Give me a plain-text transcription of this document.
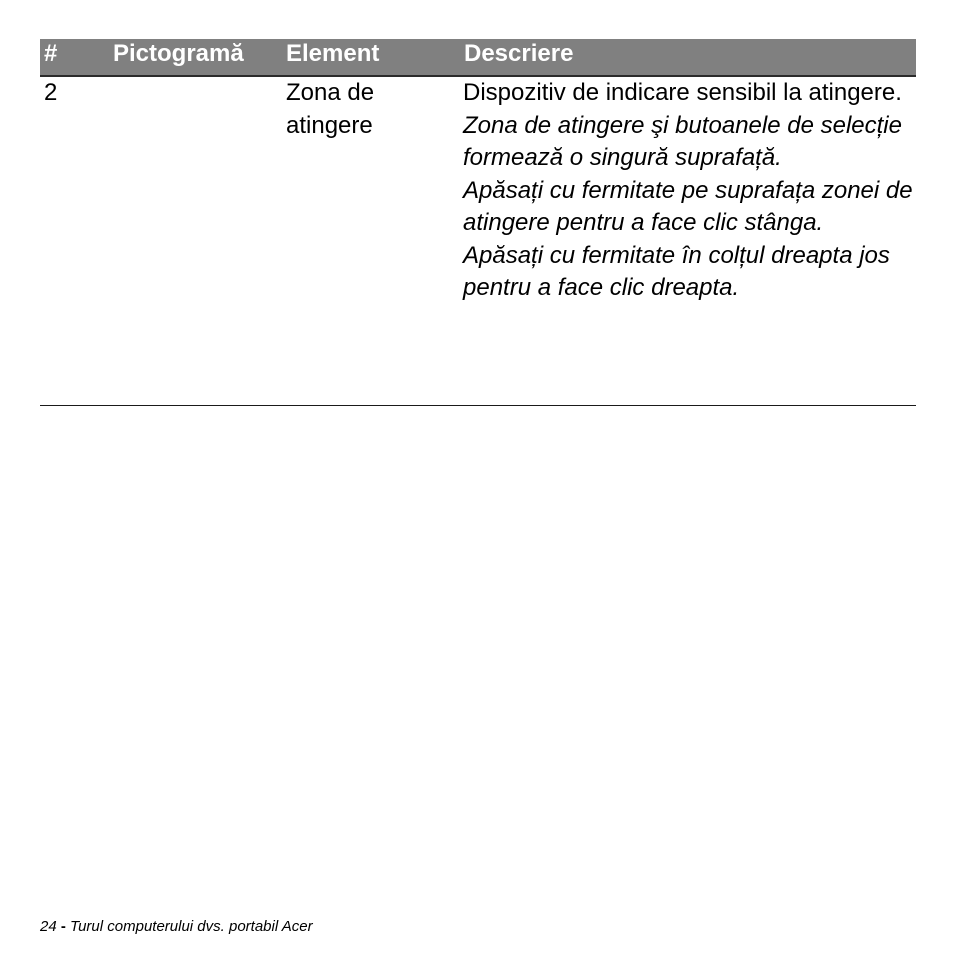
# Pictogramă Element	Descriere
2	Zona de atingere

Dispozitiv de indicare sensibil la atingere.

Zona de atingere şi butoanele de selecție formează o singură suprafață.

Apăsați cu fermitate pe suprafața zonei de atingere pentru a face clic stânga.

Apăsați cu fermitate în colțul dreapta jos pentru a face clic dreapta.

24 - Turul computerului dvs. portabil Acer
